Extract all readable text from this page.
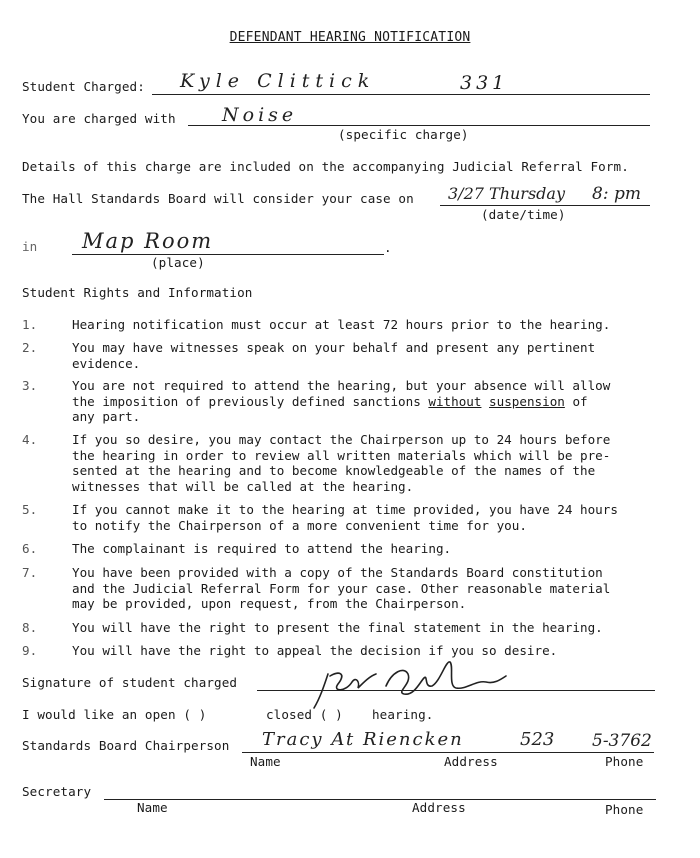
DEFENDANT HEARING NOTIFICATION
Student Charged: Kyle Clittick	331
You are charged with Noise
(specific charge)
Details of this charge are included on the accompanying Judicial Referral Form.
The Hall Standards Board will consider your case on 3/27 Thursday 8: pm
(date/time)
in	.
Map Room
(place)
Student Rights and Information
1.	Hearing notification must occur at least 72 hours prior to the hearing.
2.	You may have witnesses speak on your behalf and present any pertinent
evidence.
3.	You are not required to attend the hearing, but your absence will allow
the imposition of previously defined sanctions without suspension of
any part.
4.	If you so desire, you may contact the Chairperson up to 24 hours before
the hearing in order to review all written materials which will be pre-
sented at the hearing and to become knowledgeable of the names of the
witnesses that will be called at the hearing.
5.	If you cannot make it to the hearing at time provided, you have 24 hours
to notify the Chairperson of a more convenient time for you.
6.	The complainant is required to attend the hearing.
7.	You have been provided with a copy of the Standards Board constitution
and the Judicial Referral Form for your case. Other reasonable material
may be provided, upon request, from the Chairperson.
8.	You will have the right to present the final statement in the hearing.
9.	You will have the right to appeal the decision if you so desire.
Signature of student charged
I would like an open ( )	closed ( ) hearing.
Standards Board Chairperson Tracy At Riencken	523 5-3762
Name	Address	Phone
Secretary
Name	Address	Phone
